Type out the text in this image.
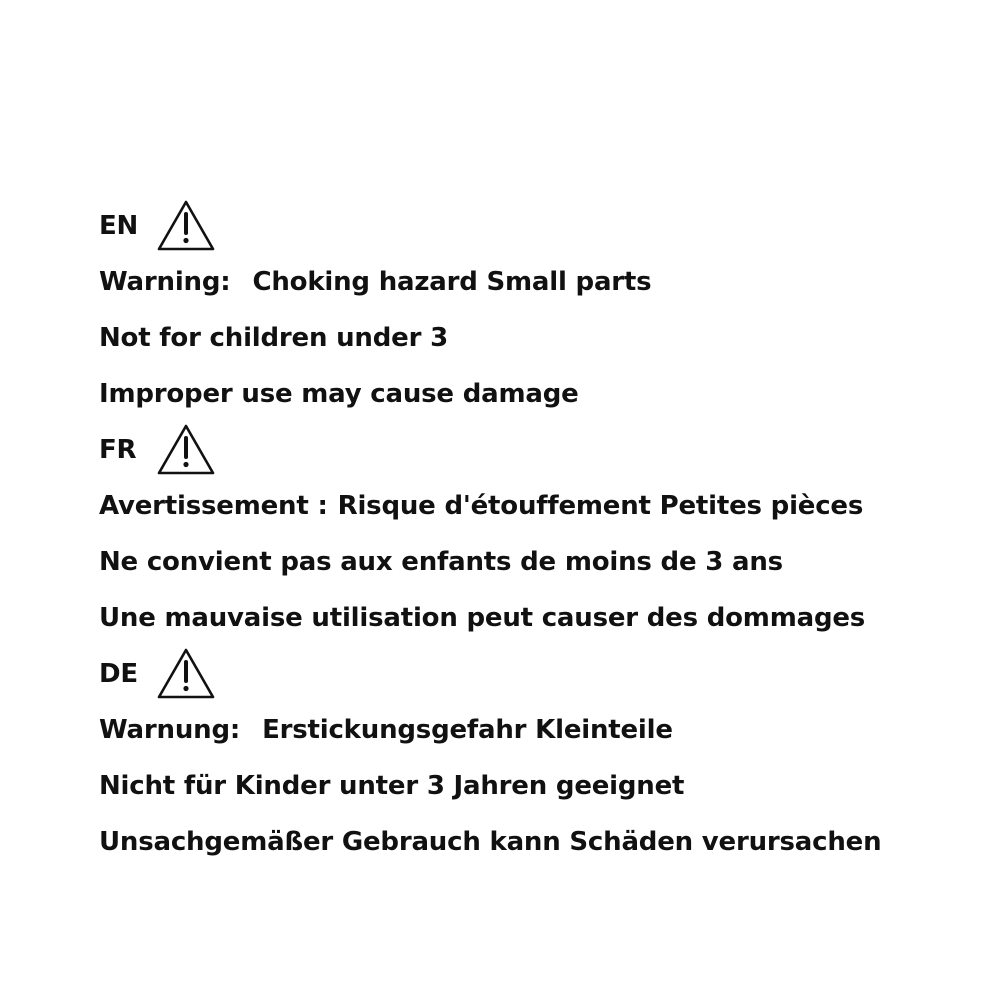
EN
Warning: Choking hazard Small parts
Not for children under 3
Improper use may cause damage
FR
Avertissement : Risque d'étouffement Petites pièces
Ne convient pas aux enfants de moins de 3 ans
Une mauvaise utilisation peut causer des dommages
DE
Warnung: Erstickungsgefahr Kleinteile
Nicht für Kinder unter 3 Jahren geeignet
Unsachgemäßer Gebrauch kann Schäden verursachen
